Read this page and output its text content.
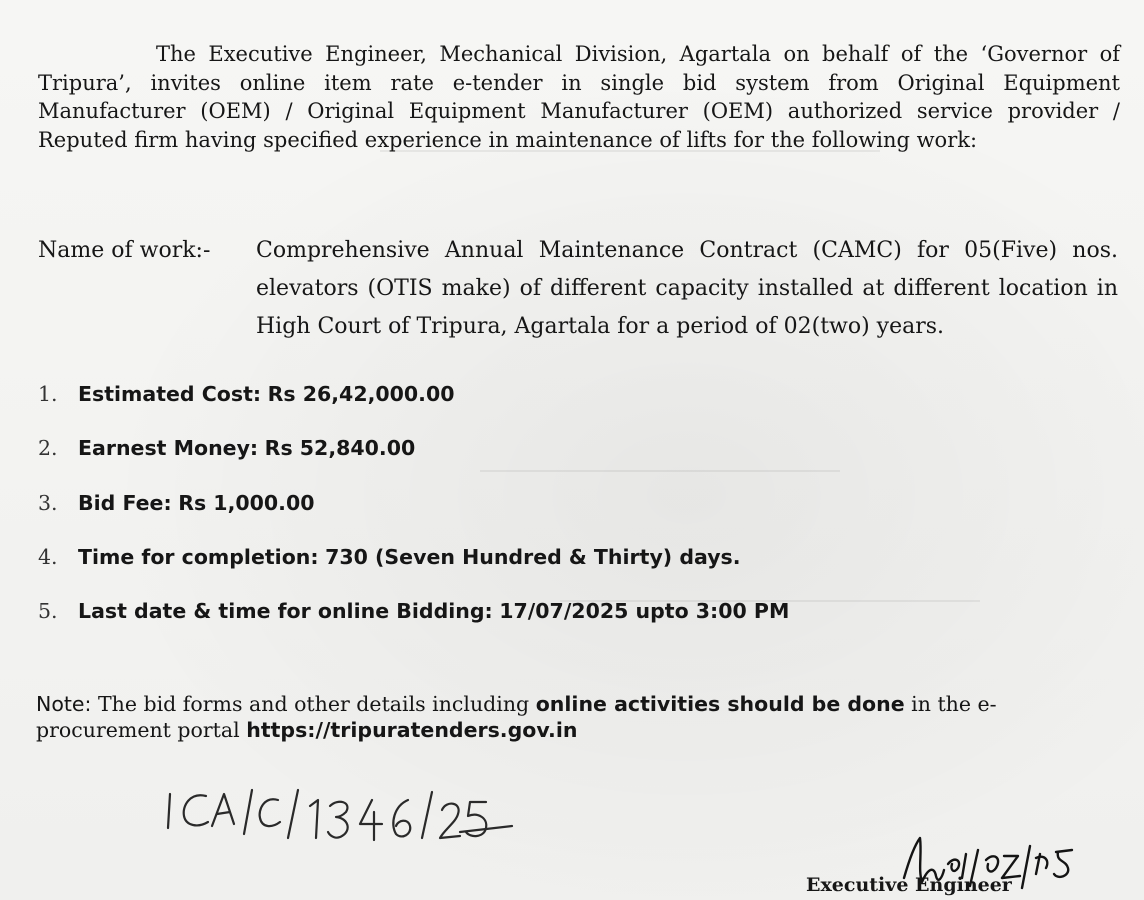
The Executive Engineer, Mechanical Division, Agartala on behalf of the ‘Governor of Tripura’, invites online item rate e-tender in single bid system from Original Equipment Manufacturer (OEM) / Original Equipment Manufacturer (OEM) authorized service provider / Reputed firm having specified experience in maintenance of lifts for the following work:

Name of work:- Comprehensive Annual Maintenance Contract (CAMC) for 05(Five) nos. elevators (OTIS make) of different capacity installed at different location in High Court of Tripura, Agartala for a period of 02(two) years.

1. Estimated Cost:
Rs 26,42,000.00
2. Earnest Money:
Rs 52,840.00
3. Bid Fee:
Rs 1,000.00
4. Time for completion:
730 (Seven Hundred & Thirty) days.
5. Last date & time for online Bidding:
17/07/2025 upto 3:00 PM

Note: The bid forms and other details including online activities should be done in the e-procurement portal https://tripuratenders.gov.in

Executive Engineer
